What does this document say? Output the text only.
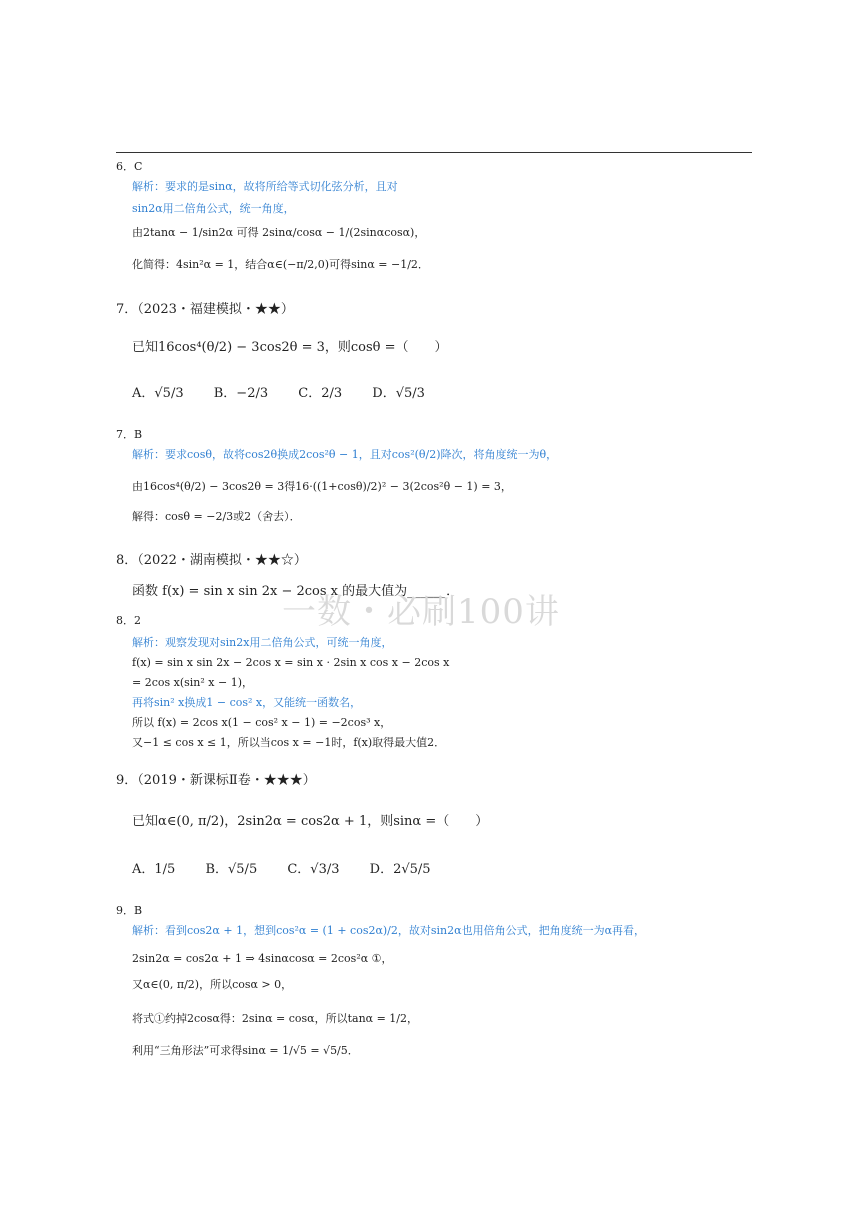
6．C
解析：要求的是sinα，故将所给等式切化弦分析，且对
sin2α用二倍角公式，统一角度，
由2tanα − 1/sin2α 可得 2sinα/cosα − 1/(2sinαcosα)，
化简得：4sin²α = 1，结合α∈(−π/2,0)可得sinα = −1/2．
7．（2023・福建模拟・★★）
已知16cos⁴(θ/2) − 3cos2θ = 3，则cosθ =（　　）
A．√5/3 B．−2/3 C．2/3 D．√5/3
7．B
解析：要求cosθ，故将cos2θ换成2cos²θ − 1，且对cos²(θ/2)降次，将角度统一为θ，
由16cos⁴(θ/2) − 3cos2θ = 3得16·((1+cosθ)/2)² − 3(2cos²θ − 1) = 3，
解得：cosθ = −2/3或2（舍去）．
8．（2022・湖南模拟・★★☆）
函数 f(x) = sin x sin 2x − 2cos x 的最大值为______．
一数・必刷100讲
8．2
解析：观察发现对sin2x用二倍角公式，可统一角度，
f(x) = sin x sin 2x − 2cos x = sin x · 2sin x cos x − 2cos x
= 2cos x(sin² x − 1)，
再将sin² x换成1 − cos² x，又能统一函数名，
所以 f(x) = 2cos x(1 − cos² x − 1) = −2cos³ x，
又−1 ≤ cos x ≤ 1，所以当cos x = −1时，f(x)取得最大值2．
9．（2019・新课标Ⅱ卷・★★★）
已知α∈(0, π/2)，2sin2α = cos2α + 1，则sinα =（　　）
A．1/5 B．√5/5 C．√3/3 D．2√5/5
9．B
解析：看到cos2α + 1，想到cos²α = (1 + cos2α)/2，故对sin2α也用倍角公式，把角度统一为α再看，
2sin2α = cos2α + 1 ⇒ 4sinαcosα = 2cos²α ①，
又α∈(0, π/2)，所以cosα > 0，
将式①约掉2cosα得：2sinα = cosα，所以tanα = 1/2，
利用“三角形法”可求得sinα = 1/√5 = √5/5．
